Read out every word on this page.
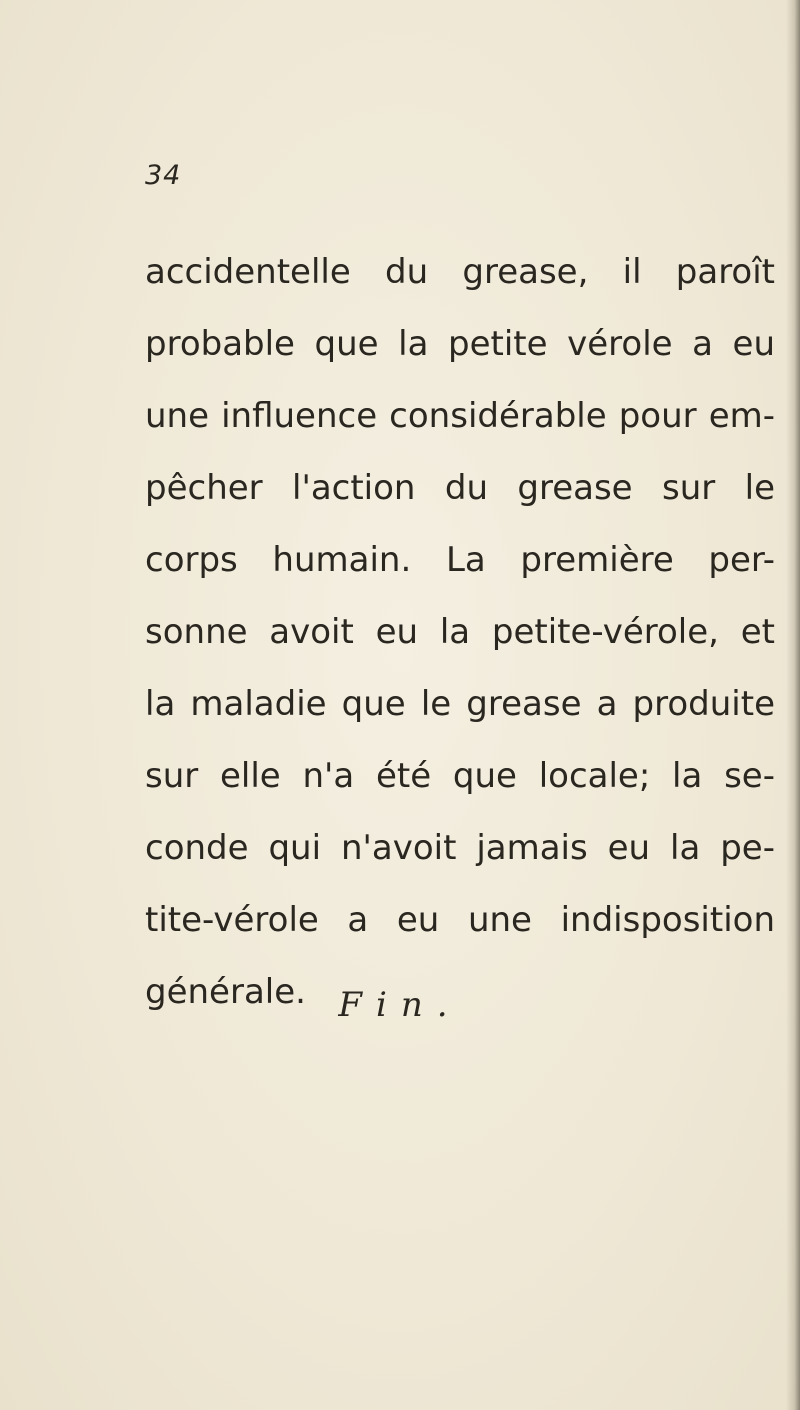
34
accidentelle du grease, il paroît
probable que la petite vérole a eu
une influence considérable pour em-
pêcher l'action du grease sur le
corps humain. La première per-
sonne avoit eu la petite-vérole, et
la maladie que le grease a produite
sur elle n'a été que locale; la se-
conde qui n'avoit jamais eu la pe-
tite-vérole a eu une indisposition
générale. Fin.
